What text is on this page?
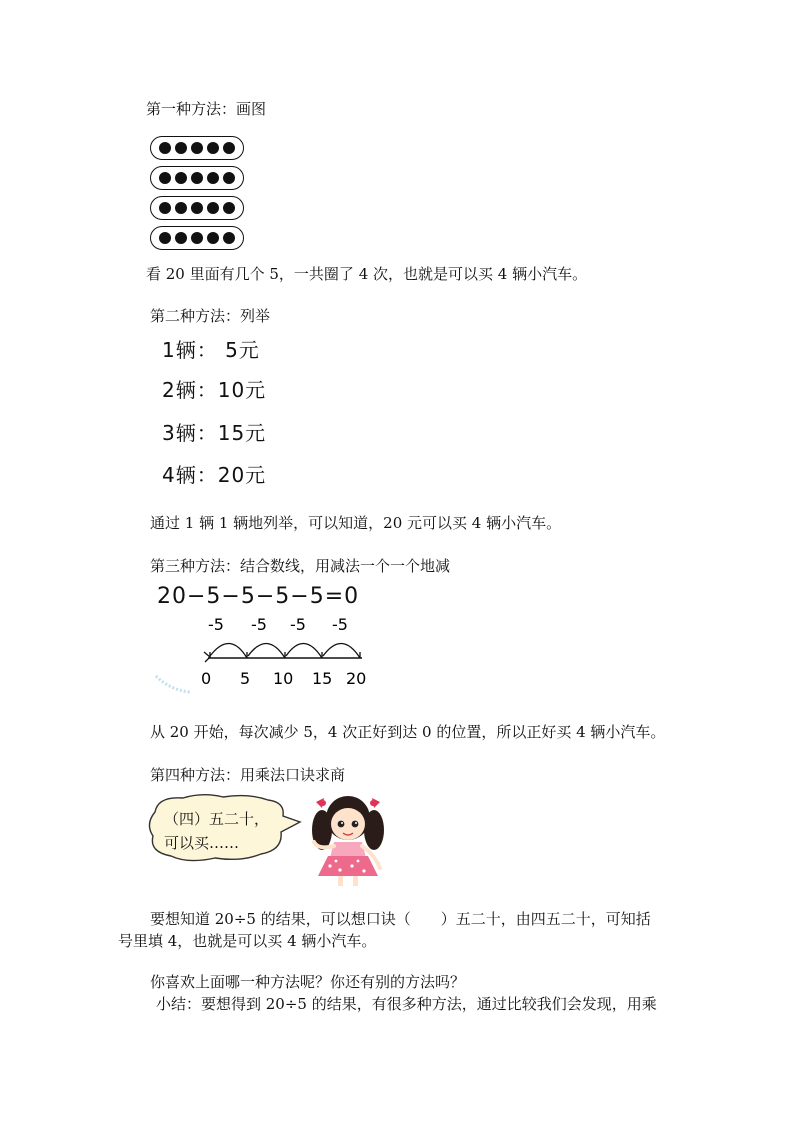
第一种方法：画图
看 20 里面有几个 5，一共圈了 4 次，也就是可以买 4 辆小汽车。
第二种方法：列举
1辆： 5元
2辆：10元
3辆：15元
4辆：20元
通过 1 辆 1 辆地列举，可以知道，20 元可以买 4 辆小汽车。
第三种方法：结合数线，用减法一个一个地减
20−5−5−5−5=0
-5 -5 -5 -5
0 5 10 15 20
从 20 开始，每次减少 5，4 次正好到达 0 的位置，所以正好买 4 辆小汽车。
第四种方法：用乘法口诀求商
（四）五二十，
可以买……
要想知道 20÷5 的结果，可以想口诀（　　）五二十，由四五二十，可知括
号里填 4，也就是可以买 4 辆小汽车。
你喜欢上面哪一种方法呢？你还有别的方法吗？
小结：要想得到 20÷5 的结果，有很多种方法，通过比较我们会发现，用乘
